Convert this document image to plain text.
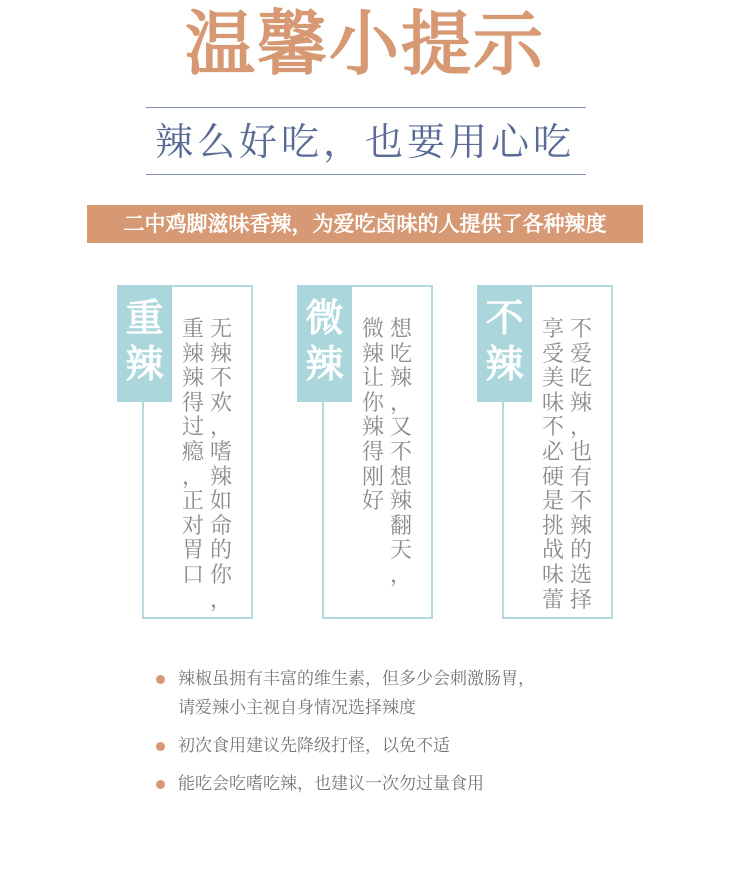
温馨小提示
辣么好吃，也要用心吃
二中鸡脚滋味香辣，为爱吃卤味的人提供了各种辣度
重
辣
重
辣
辣
得
过
瘾
，
正
对
胃
口
无
辣
不
欢
，
嗜
辣
如
命
的
你
，
微
辣
微
辣
让
你
辣
得
刚
好
想
吃
辣
，
又
不
想
辣
翻
天
，
不
辣
享
受
美
味
不
必
硬
是
挑
战
味
蕾
不
爱
吃
辣
，
也
有
不
辣
的
选
择
辣椒虽拥有丰富的维生素，但多少会刺激肠胃，
请爱辣小主视自身情况选择辣度
初次食用建议先降级打怪，以免不适
能吃会吃嗜吃辣，也建议一次勿过量食用
